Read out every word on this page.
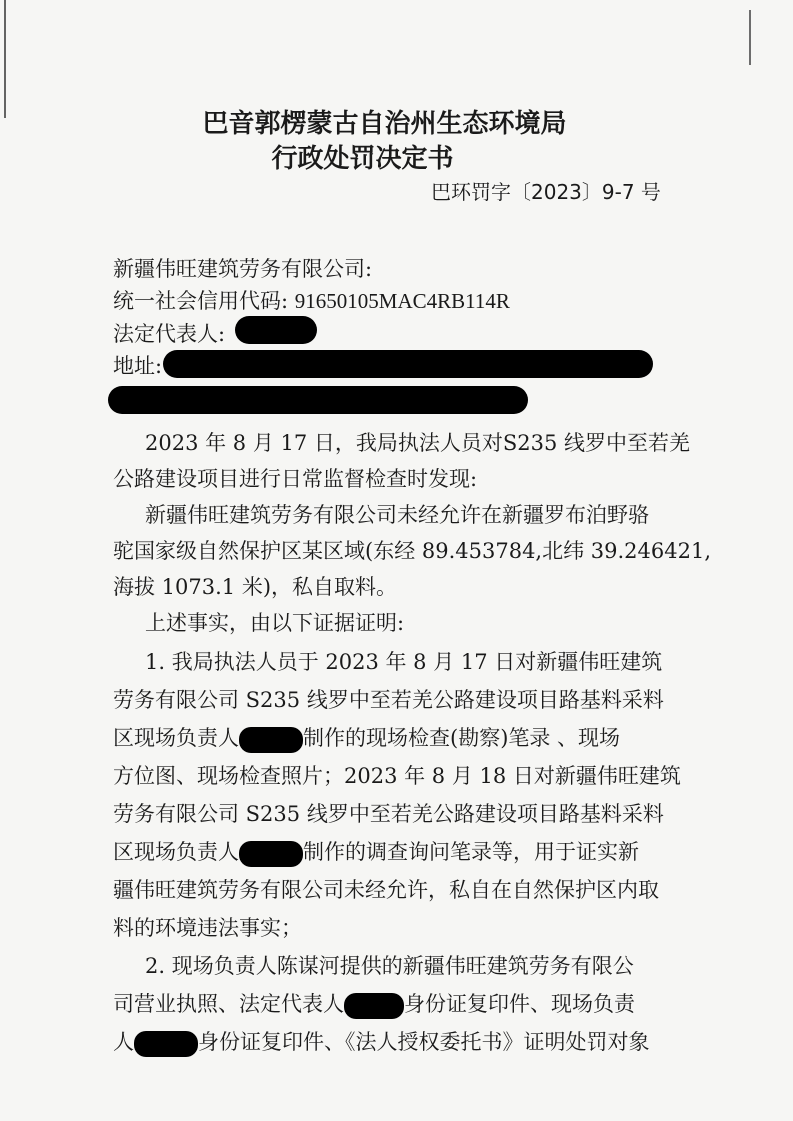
巴音郭楞蒙古自治州生态环境局
行政处罚决定书
巴环罚字〔2023〕9-7 号
新疆伟旺建筑劳务有限公司:
统一社会信用代码: 91650105MAC4RB114R
法定代表人:
地址:
2023 年 8 月 17 日，我局执法人员对S235 线罗中至若羌
公路建设项目进行日常监督检查时发现:
新疆伟旺建筑劳务有限公司未经允许在新疆罗布泊野骆
驼国家级自然保护区某区域(东经 89.453784,北纬 39.246421,
海拔 1073.1 米)，私自取料。
上述事实，由以下证据证明:
1. 我局执法人员于 2023 年 8 月 17 日对新疆伟旺建筑
劳务有限公司 S235 线罗中至若羌公路建设项目路基料采料
区现场负责人	制作的现场检查(勘察)笔录 、现场
方位图、现场检查照片；2023 年 8 月 18 日对新疆伟旺建筑
劳务有限公司 S235 线罗中至若羌公路建设项目路基料采料
区现场负责人	制作的调查询问笔录等，用于证实新
疆伟旺建筑劳务有限公司未经允许，私自在自然保护区内取
料的环境违法事实；
2. 现场负责人陈谋河提供的新疆伟旺建筑劳务有限公
司营业执照、法定代表人	身份证复印件、现场负责
人	身份证复印件、《法人授权委托书》证明处罚对象
